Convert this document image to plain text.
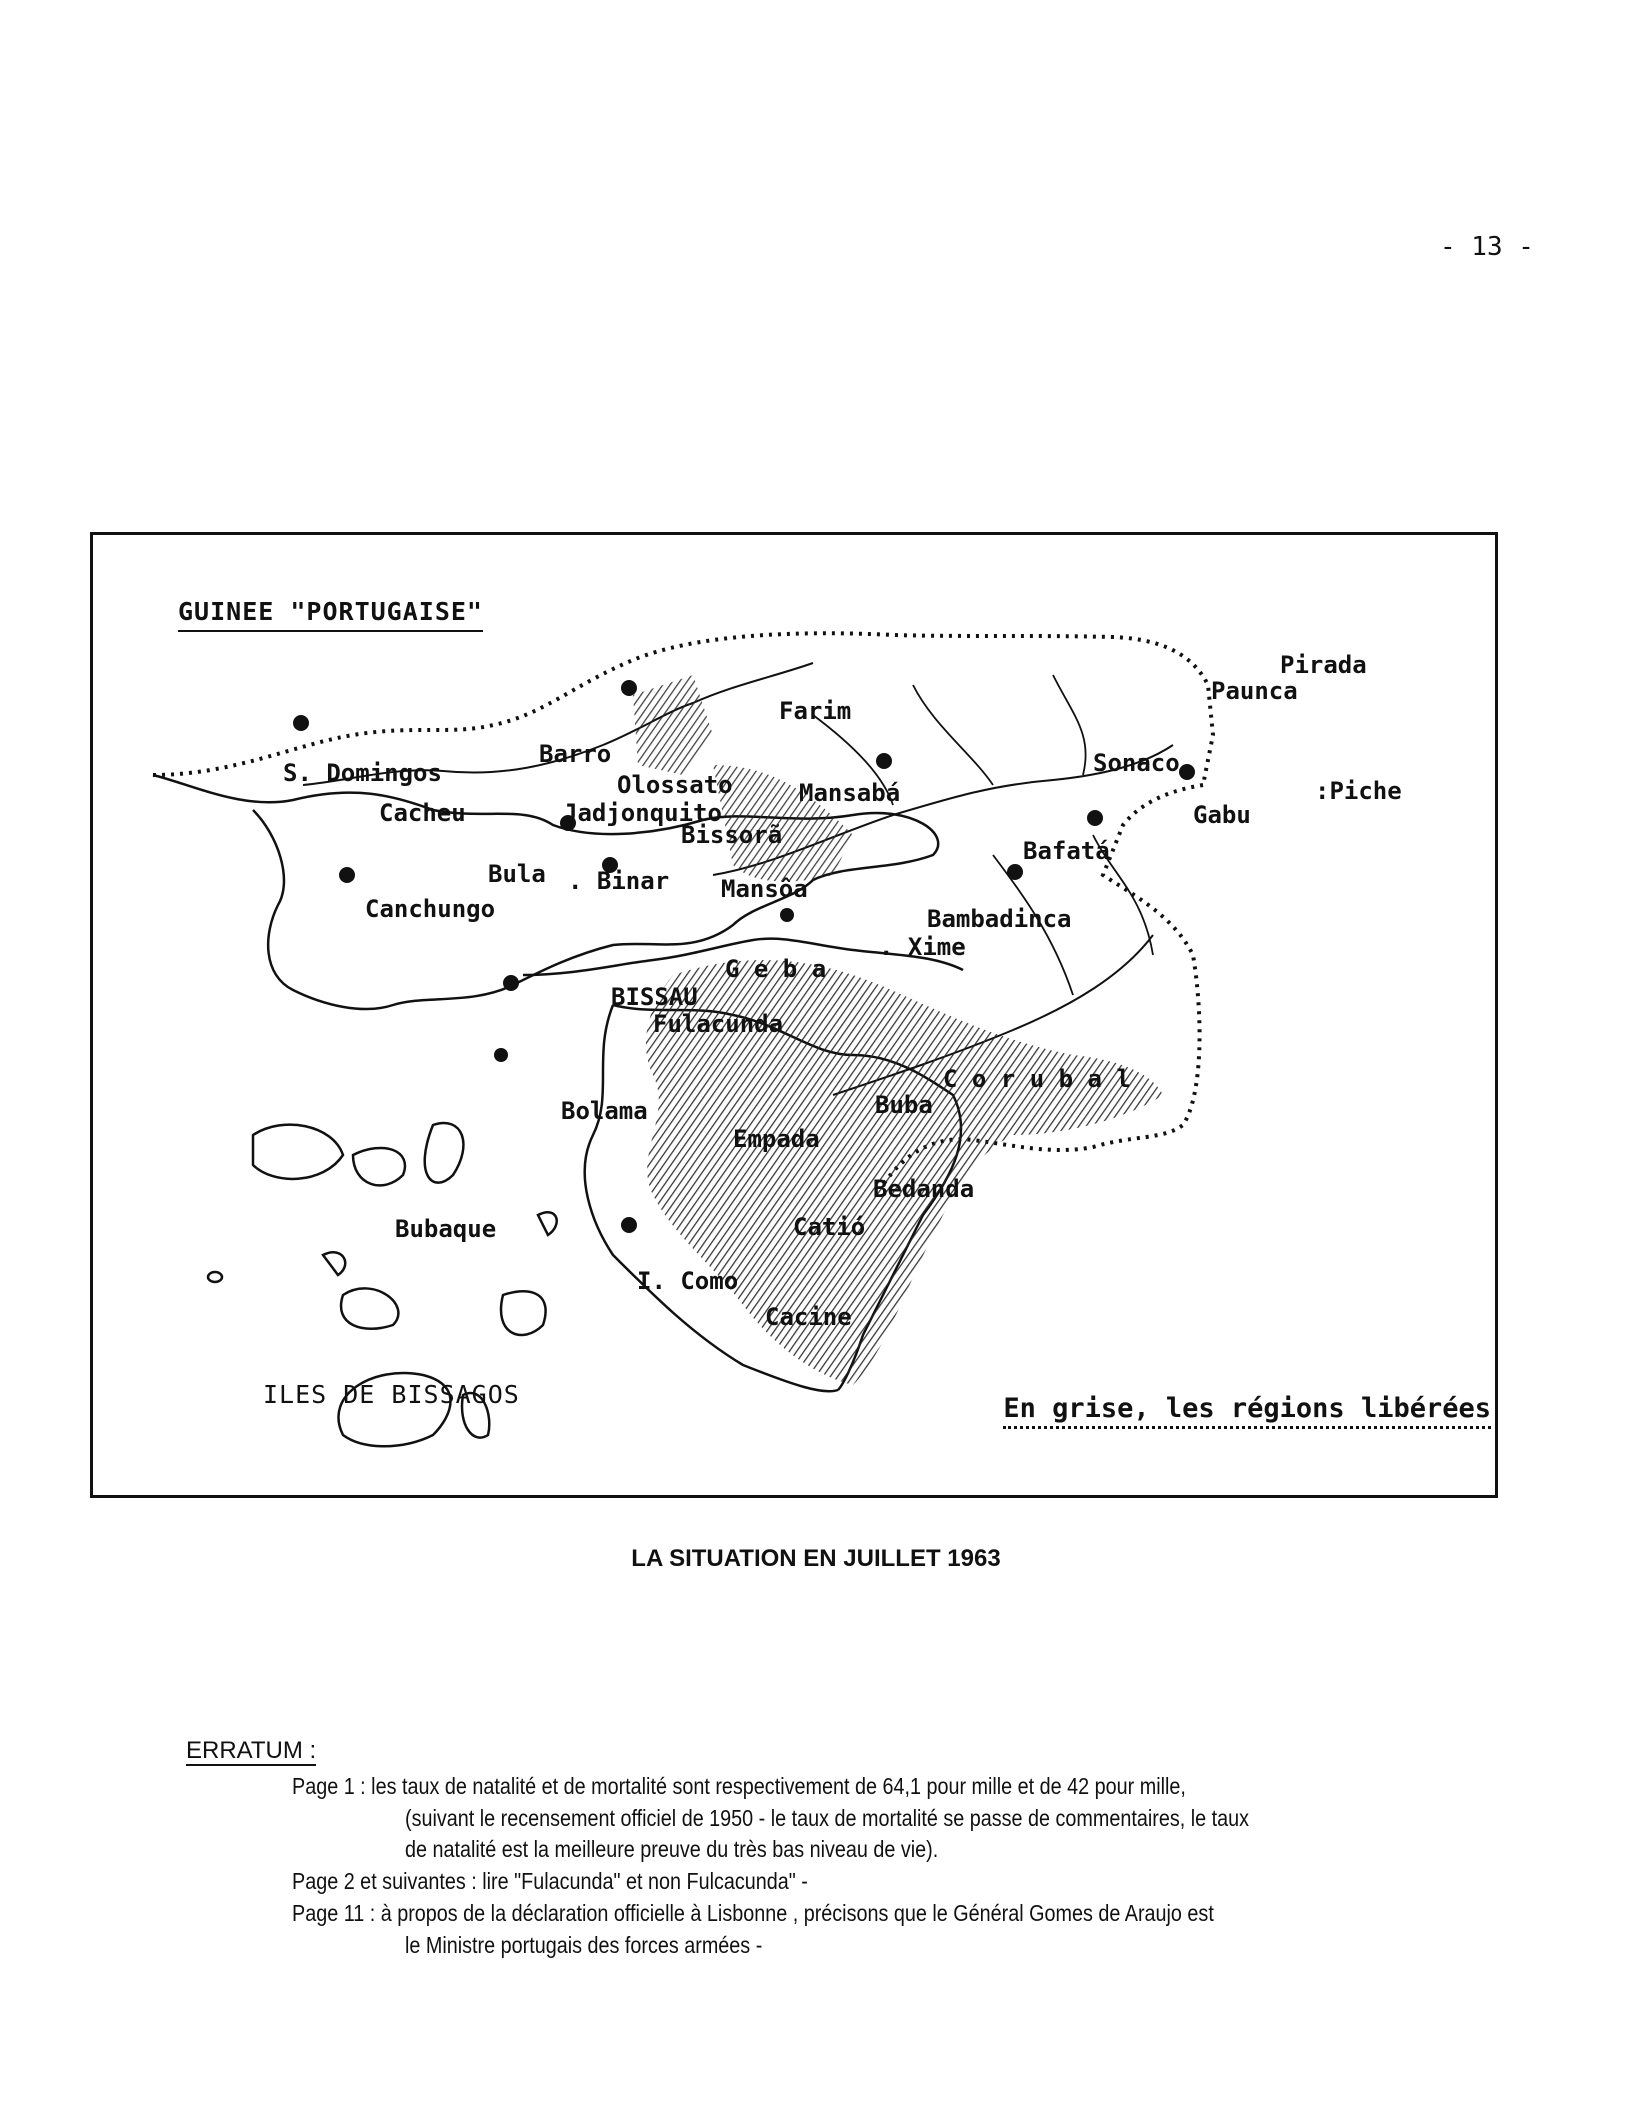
- 13 -
GUINEE "PORTUGAISE"
Farim
Pirada
Paunca
S. Domingos
Barro
Olossato	Mansabá
Sonaco
:Piche
Cacheu	Jadjonquito
Bissorã
Gabu
Bafatá
Bula . Binar Mansôa
Canchungo	Bambadinca
. Xime
G e b a
BISSAU
Fulacunda
C o r u b a l
Bolama	Buba
Empada
Bedanda
Catió
Bubaque
I. Como
Cacine
ILES DE BISSAGOS	En grise, les régions libérées
LA SITUATION EN JUILLET 1963
ERRATUM :
Page 1 : les taux de natalité et de mortalité sont respectivement de 64,1 pour mille et de 42 pour mille,
(suivant le recensement officiel de 1950 - le taux de mortalité se passe de commentaires, le taux
de natalité est la meilleure preuve du très bas niveau de vie).
Page 2 et suivantes : lire "Fulacunda" et non Fulcacunda" -
Page 11 : à propos de la déclaration officielle à Lisbonne , précisons que le Général Gomes de Araujo est
le Ministre portugais des forces armées -
